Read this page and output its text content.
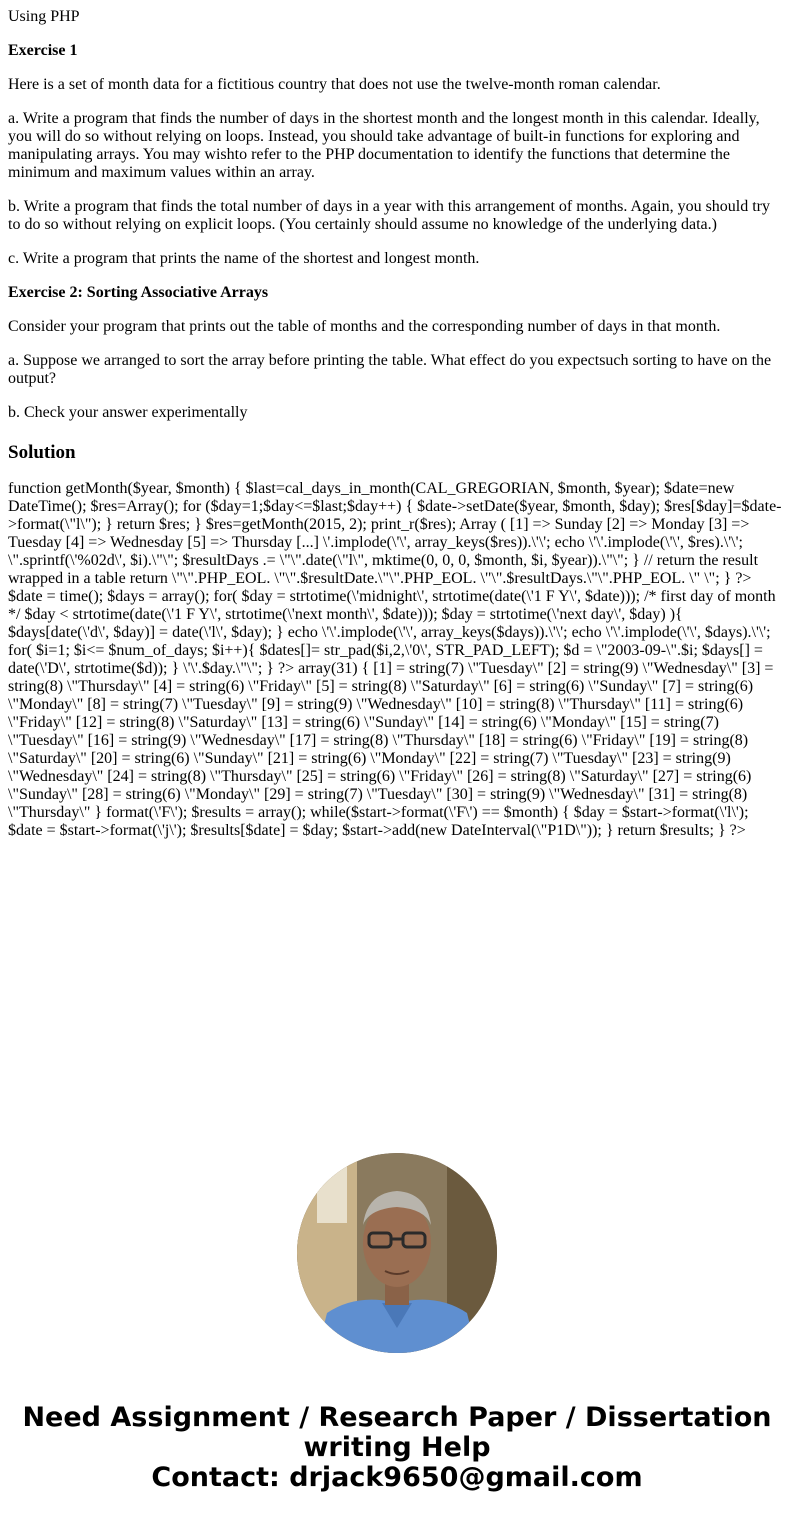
Using PHP

Exercise 1

Here is a set of month data for a fictitious country that does not use the twelve-month roman calendar.

a. Write a program that finds the number of days in the shortest month and the longest month in this calendar. Ideally, you will do so without relying on loops. Instead, you should take advantage of built-in functions for exploring and manipulating arrays. You may wishto refer to the PHP documentation to identify the functions that determine the minimum and maximum values within an array.

b. Write a program that finds the total number of days in a year with this arrangement of months. Again, you should try to do so without relying on explicit loops. (You certainly should assume no knowledge of the underlying data.)

c. Write a program that prints the name of the shortest and longest month.

Exercise 2: Sorting Associative Arrays

Consider your program that prints out the table of months and the corresponding number of days in that month.

a. Suppose we arranged to sort the array before printing the table. What effect do you expectsuch sorting to have on the output?

b. Check your answer experimentally

Solution
function getMonth($year, $month) { $last=cal_days_in_month(CAL_GREGORIAN, $month, $year); $date=new DateTime(); $res=Array(); for ($day=1;$day<=$last;$day++) { $date->setDate($year, $month, $day); $res[$day]=$date->format(\"l\"); } return $res; } $res=getMonth(2015, 2); print_r($res); Array ( [1] => Sunday [2] => Monday [3] => Tuesday [4] => Wednesday [5] => Thursday [...] \'.implode(\'\', array_keys($res)).\'\'; echo \'\'.implode(\'\', $res).\'\'; \".sprintf(\'%02d\', $i).\"\"; $resultDays .= \"\".date(\"l\", mktime(0, 0, 0, $month, $i, $year)).\"\"; } // return the result wrapped in a table return \"\".PHP_EOL. \"\".$resultDate.\"\".PHP_EOL. \"\".$resultDays.\"\".PHP_EOL. \" \"; } ?> $date = time(); $days = array(); for( $day = strtotime(\'midnight\', strtotime(date(\'1 F Y\', $date))); /* first day of month */ $day < strtotime(date(\'1 F Y\', strtotime(\'next month\', $date))); $day = strtotime(\'next day\', $day) ){ $days[date(\'d\', $day)] = date(\'l\', $day); } echo \'\'.implode(\'\', array_keys($days)).\'\'; echo \'\'.implode(\'\', $days).\'\'; for( $i=1; $i<= $num_of_days; $i++){ $dates[]= str_pad($i,2,\'0\', STR_PAD_LEFT); $d = \"2003-09-\".$i; $days[] = date(\'D\', strtotime($d)); } \'\'.$day.\"\"; } ?> array(31) { [1] = string(7) \"Tuesday\" [2] = string(9) \"Wednesday\" [3] = string(8) \"Thursday\" [4] = string(6) \"Friday\" [5] = string(8) \"Saturday\" [6] = string(6) \"Sunday\" [7] = string(6) \"Monday\" [8] = string(7) \"Tuesday\" [9] = string(9) \"Wednesday\" [10] = string(8) \"Thursday\" [11] = string(6) \"Friday\" [12] = string(8) \"Saturday\" [13] = string(6) \"Sunday\" [14] = string(6) \"Monday\" [15] = string(7) \"Tuesday\" [16] = string(9) \"Wednesday\" [17] = string(8) \"Thursday\" [18] = string(6) \"Friday\" [19] = string(8) \"Saturday\" [20] = string(6) \"Sunday\" [21] = string(6) \"Monday\" [22] = string(7) \"Tuesday\" [23] = string(9) \"Wednesday\" [24] = string(8) \"Thursday\" [25] = string(6) \"Friday\" [26] = string(8) \"Saturday\" [27] = string(6) \"Sunday\" [28] = string(6) \"Monday\" [29] = string(7) \"Tuesday\" [30] = string(9) \"Wednesday\" [31] = string(8) \"Thursday\" } format(\'F\'); $results = array(); while($start->format(\'F\') == $month) { $day = $start->format(\'l\'); $date = $start->format(\'j\'); $results[$date] = $day; $start->add(new DateInterval(\"P1D\")); } return $results; } ?>
Need Assignment / Research Paper / Dissertation
writing Help
Contact: drjack9650@gmail.com
